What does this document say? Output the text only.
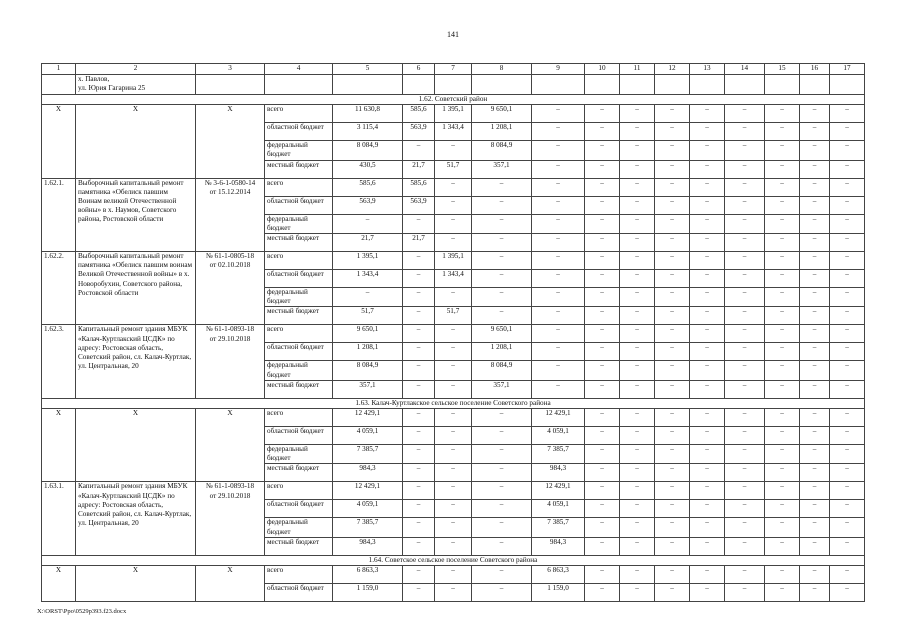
141
1	2	3	4	5	6	7	8	9	10	11	12	13	14	15	16	17
	х. Павлов,
ул. Юрия Гагарина 25															
1.62. Советский район																
X	X	X	всего	11 630,8	585,6	1 395,1	9 650,1	–	–	–	–	–	–	–	–	–
			областной бюджет	3 115,4	563,9	1 343,4	1 208,1	–	–	–	–	–	–	–	–	–
			федеральный бюджет	8 084,9	–	–	8 084,9	–	–	–	–	–	–	–	–	–
			местный бюджет	430,5	21,7	51,7	357,1	–	–	–	–	–	–	–	–	–
1.62.1.	Выборочный капитальный ремонт памятника «Обелиск павшим Воинам великой Отечественной войны» в х. Наумов, Советского района, Ростовской области	№ 3-6-1-0580-14
от 15.12.2014	всего	585,6	585,6	–	–	–	–	–	–	–	–	–	–	–
			областной бюджет	563,9	563,9	–	–	–	–	–	–	–	–	–	–	–
			федеральный бюджет	–	–	–	–	–	–	–	–	–	–	–	–	–
			местный бюджет	21,7	21,7	–	–	–	–	–	–	–	–	–	–	–
1.62.2.	Выборочный капитальный ремонт памятника «Обелиск павшим воинам Великой Отечественной войны» в х. Новоробухин, Советского района, Ростовской области	№ 61-1-0805-18
от 02.10.2018	всего	1 395,1	–	1 395,1	–	–	–	–	–	–	–	–	–	–
			областной бюджет	1 343,4	–	1 343,4	–	–	–	–	–	–	–	–	–	–
			федеральный бюджет	–	–	–	–	–	–	–	–	–	–	–	–	–
			местный бюджет	51,7	–	51,7	–	–	–	–	–	–	–	–	–	–
1.62.3.	Капитальный ремонт здания МБУК «Калач-Куртлакский ЦСДК» по адресу: Ростовская область, Советский район, сл. Калач-Куртлак, ул. Центральная, 20	№ 61-1-0893-18
от 29.10.2018	всего	9 650,1	–	–	9 650,1	–	–	–	–	–	–	–	–	–
			областной бюджет	1 208,1	–	–	1 208,1	–	–	–	–	–	–	–	–	–
			федеральный бюджет	8 084,9	–	–	8 084,9	–	–	–	–	–	–	–	–	–
			местный бюджет	357,1	–	–	357,1	–	–	–	–	–	–	–	–	–
1.63. Калач-Куртлакское сельское поселение Советского района																
X	X	X	всего	12 429,1	–	–	–	12 429,1	–	–	–	–	–	–	–	–
			областной бюджет	4 059,1	–	–	–	4 059,1	–	–	–	–	–	–	–	–
			федеральный бюджет	7 385,7	–	–	–	7 385,7	–	–	–	–	–	–	–	–
			местный бюджет	984,3	–	–	–	984,3	–	–	–	–	–	–	–	–
1.63.1.	Капитальный ремонт здания МБУК «Калач-Куртлакский ЦСДК» по адресу: Ростовская область, Советский район, сл. Калач-Куртлак, ул. Центральная, 20	№ 61-1-0893-18
от 29.10.2018	всего	12 429,1	–	–	–	12 429,1	–	–	–	–	–	–	–	–
			областной бюджет	4 059,1	–	–	–	4 059,1	–	–	–	–	–	–	–	–
			федеральный бюджет	7 385,7	–	–	–	7 385,7	–	–	–	–	–	–	–	–
			местный бюджет	984,3	–	–	–	984,3	–	–	–	–	–	–	–	–
1.64. Советское сельское поселение Советского района																
X	X	X	всего	6 863,3	–	–	–	6 863,3	–	–	–	–	–	–	–	–
			областной бюджет	1 159,0	–	–	–	1 159,0	–	–	–	–	–	–	–	–
X:\ORST\Ppo\0529p393.f23.docx
